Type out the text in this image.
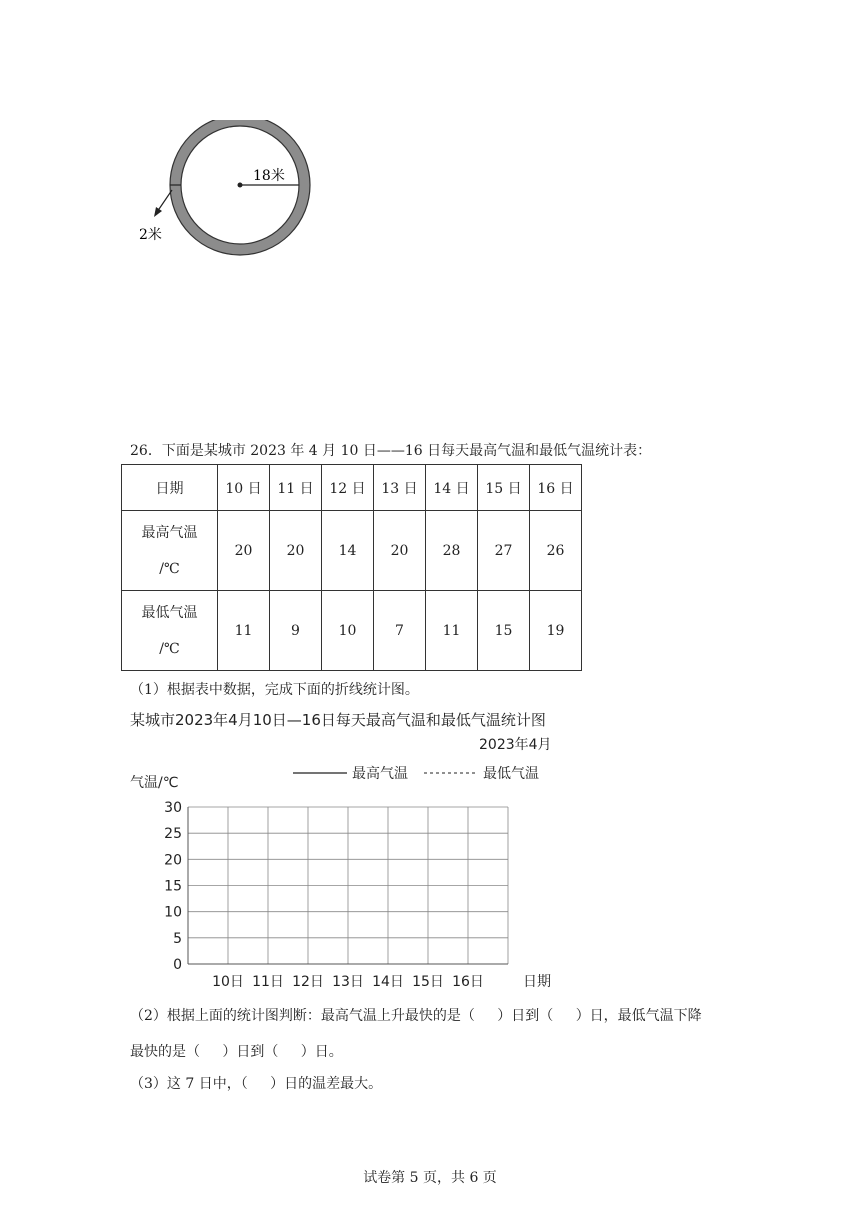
18米
2米
26．下面是某城市 2023 年 4 月 10 日——16 日每天最高气温和最低气温统计表：
日期	10 日	11 日	12 日	13 日	14 日	15 日	16 日

最高气温
/℃	20	20	14	20	28	27	26

最低气温
/℃	11	9	10	7	11	15	19
（1）根据表中数据，完成下面的折线统计图。
某城市2023年4月10日—16日每天最高气温和最低气温统计图
2023年4月
0
5
10
15
20
25
30
10日 11日 12日 13日 14日 15日 16日	日期
气温/℃
最高气温	最低气温
（2）根据上面的统计图判断：最高气温上升最快的是（ ）日到（ ）日，最低气温下降
最快的是（ ）日到（ ）日。
（3）这 7 日中，（ ）日的温差最大。
试卷第 5 页，共 6 页
